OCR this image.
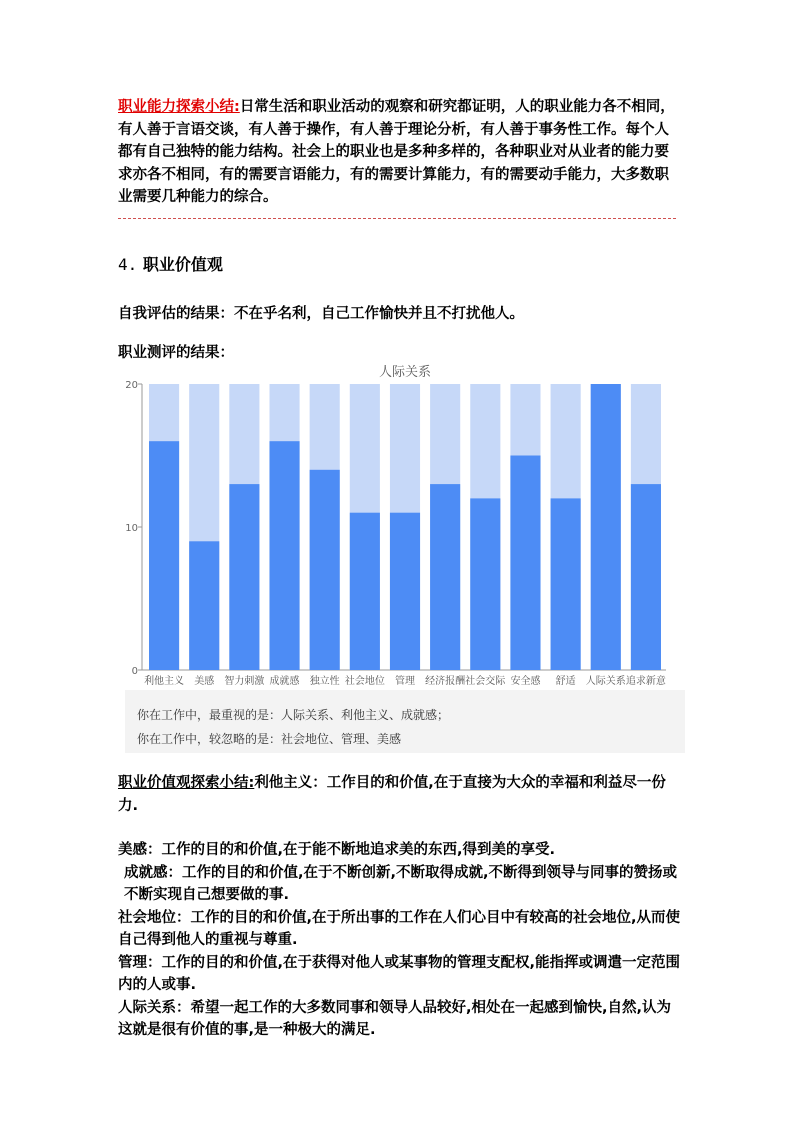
职业能力探索小结:日常生活和职业活动的观察和研究都证明，人的职业能力各不相同，有人善于言语交谈，有人善于操作，有人善于理论分析，有人善于事务性工作。每个人都有自己独特的能力结构。社会上的职业也是多种多样的，各种职业对从业者的能力要求亦各不相同，有的需要言语能力，有的需要计算能力，有的需要动手能力，大多数职业需要几种能力的综合。
4. 职业价值观
自我评估的结果：不在乎名利，自己工作愉快并且不打扰他人。
职业测评的结果：
人际关系
0
10
20
利他主义 美感 智力刺激 成就感 独立性 社会地位 管理 经济报酬 社会交际 安全感 舒适 人际关系 追求新意
你在工作中，最重视的是：人际关系、利他主义、成就感；
你在工作中，较忽略的是：社会地位、管理、美感

职业价值观探索小结:利他主义：工作目的和价值,在于直接为大众的幸福和利益尽一份力.

美感：工作的目的和价值,在于能不断地追求美的东西,得到美的享受.

成就感：工作的目的和价值,在于不断创新,不断取得成就,不断得到领导与同事的赞扬或不断实现自己想要做的事.

社会地位：工作的目的和价值,在于所出事的工作在人们心目中有较高的社会地位,从而使自己得到他人的重视与尊重.

管理：工作的目的和价值,在于获得对他人或某事物的管理支配权,能指挥或调遣一定范围内的人或事.

人际关系：希望一起工作的大多数同事和领导人品较好,相处在一起感到愉快,自然,认为这就是很有价值的事,是一种极大的满足.
